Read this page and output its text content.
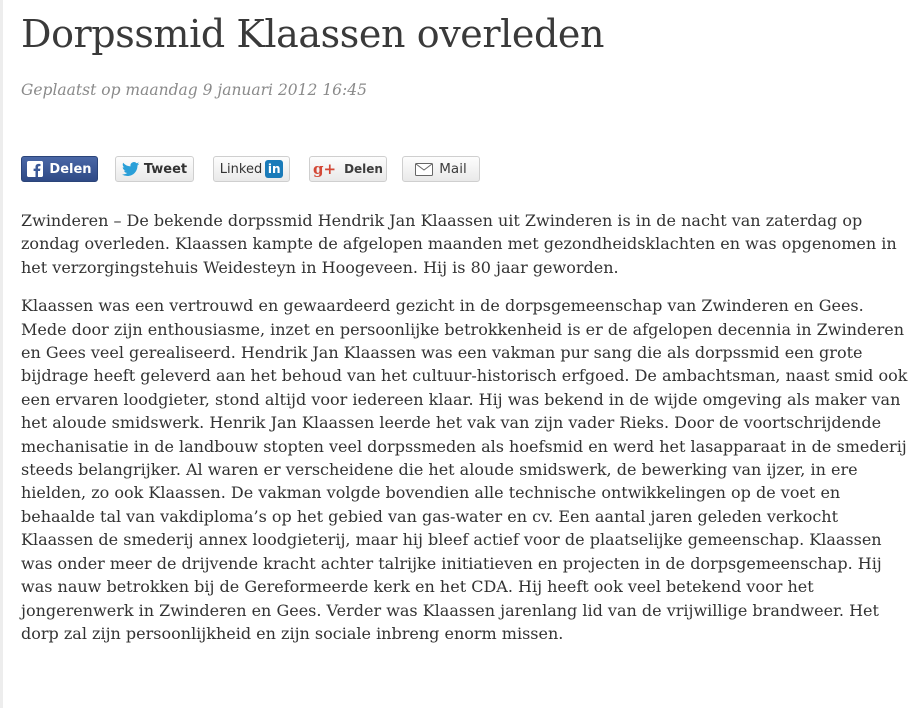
Dorpssmid Klaassen overleden
Geplaatst op maandag 9 januari 2012 16:45
Delen	Tweet	Linked in g+ Delen	Mail

Zwinderen – De bekende dorpssmid Hendrik Jan Klaassen uit Zwinderen is in de nacht van zaterdag op zondag overleden. Klaassen kampte de afgelopen maanden met gezondheidsklachten en was opgenomen in het verzorgingstehuis Weidesteyn in Hoogeveen. Hij is 80 jaar geworden.

Klaassen was een vertrouwd en gewaardeerd gezicht in de dorpsgemeenschap van Zwinderen en Gees. Mede door zijn enthousiasme, inzet en persoonlijke betrokkenheid is er de afgelopen decennia in Zwinderen en Gees veel gerealiseerd. Hendrik Jan Klaassen was een vakman pur sang die als dorpssmid een grote bijdrage heeft geleverd aan het behoud van het cultuur-historisch erfgoed. De ambachtsman, naast smid ook een ervaren loodgieter, stond altijd voor iedereen klaar. Hij was bekend in de wijde omgeving als maker van het aloude smidswerk. Henrik Jan Klaassen leerde het vak van zijn vader Rieks. Door de voortschrijdende mechanisatie in de landbouw stopten veel dorpssmeden als hoefsmid en werd het lasapparaat in de smederij steeds belangrijker. Al waren er verscheidene die het aloude smidswerk, de bewerking van ijzer, in ere hielden, zo ook Klaassen. De vakman volgde bovendien alle technische ontwikkelingen op de voet en behaalde tal van vakdiploma’s op het gebied van gas-water en cv. Een aantal jaren geleden verkocht Klaassen de smederij annex loodgieterij, maar hij bleef actief voor de plaatselijke gemeenschap. Klaassen was onder meer de drijvende kracht achter talrijke initiatieven en projecten in de dorpsgemeenschap. Hij was nauw betrokken bij de Gereformeerde kerk en het CDA. Hij heeft ook veel betekend voor het jongerenwerk in Zwinderen en Gees. Verder was Klaassen jarenlang lid van de vrijwillige brandweer. Het dorp zal zijn persoonlijkheid en zijn sociale inbreng enorm missen.
